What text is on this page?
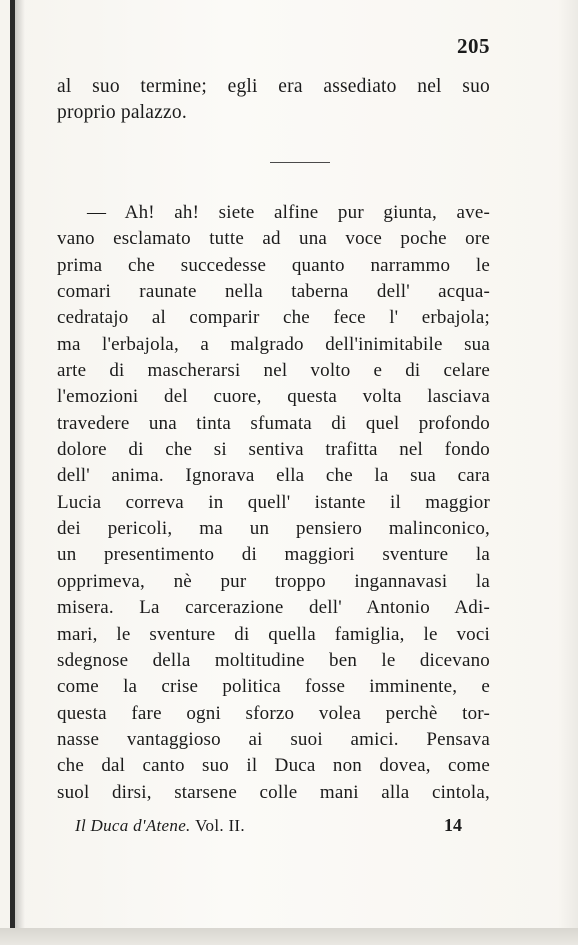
205
al suo termine; egli era assediato nel suo
proprio palazzo.
— Ah! ah! siete alfine pur giunta, ave-
vano esclamato tutte ad una voce poche ore
prima che succedesse quanto narrammo le
comari raunate nella taberna dell' acqua-
cedratajo al comparir che fece l' erbajola;
ma l'erbajola, a malgrado dell'inimitabile sua
arte di mascherarsi nel volto e di celare
l'emozioni del cuore, questa volta lasciava
travedere una tinta sfumata di quel profondo
dolore di che si sentiva trafitta nel fondo
dell' anima. Ignorava ella che la sua cara
Lucia correva in quell' istante il maggior
dei pericoli, ma un pensiero malinconico,
un presentimento di maggiori sventure la
opprimeva, nè pur troppo ingannavasi la
misera. La carcerazione dell' Antonio Adi-
mari, le sventure di quella famiglia, le voci
sdegnose della moltitudine ben le dicevano
come la crise politica fosse imminente, e
questa fare ogni sforzo volea perchè tor-
nasse vantaggioso ai suoi amici. Pensava
che dal canto suo il Duca non dovea, come
suol dirsi, starsene colle mani alla cintola,
Il Duca d'Atene. Vol. II.	14
